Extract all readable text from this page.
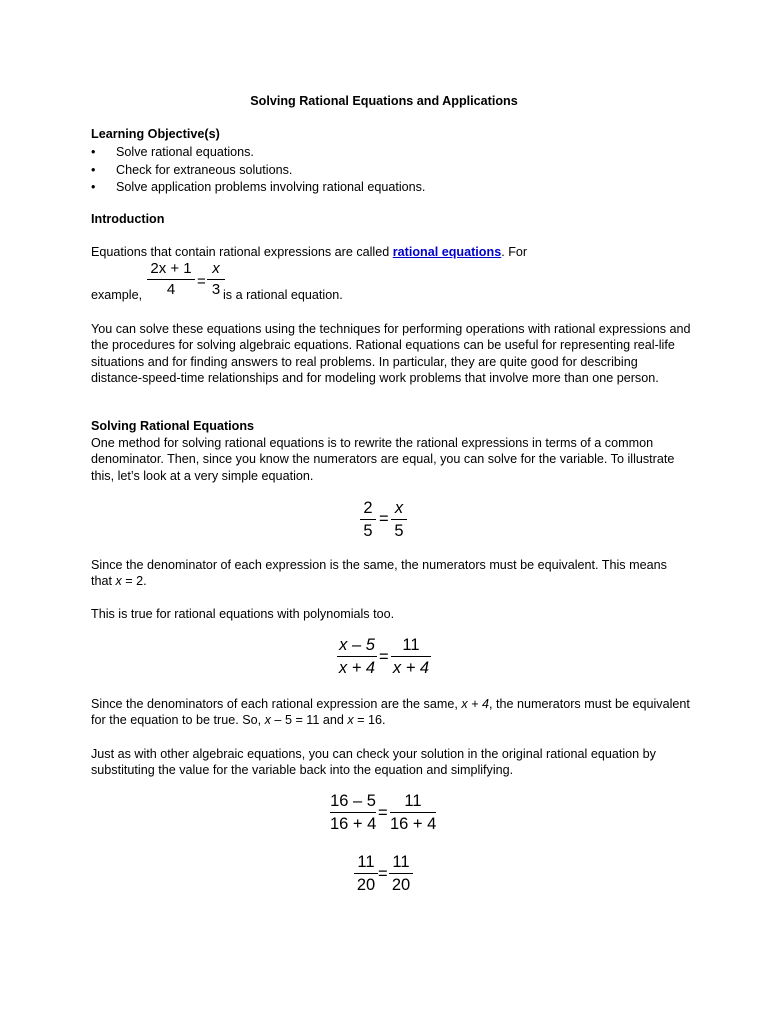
Solving Rational Equations and Applications

Learning Objective(s)

• Solve rational equations.
• Check for extraneous solutions.
• Solve application problems involving rational equations.

Introduction

Equations that contain rational expressions are called rational equations. For

2x + 1
4	=
x
3

example,	is a rational equation.

You can solve these equations using the techniques for performing operations with rational expressions and the procedures for solving algebraic equations. Rational equations can be useful for representing real-life situations and for finding answers to real problems. In particular, they are quite good for describing distance-speed-time relationships and for modeling work problems that involve more than one person.

Solving Rational Equations

One method for solving rational equations is to rewrite the rational expressions in terms of a common denominator. Then, since you know the numerators are equal, you can solve for the variable. To illustrate this, let’s look at a very simple equation.

2
5
=
x
5

Since the denominator of each expression is the same, the numerators must be equivalent. This means that x = 2.

This is true for rational equations with polynomials too.

x – 5
x + 4
=
11
x + 4

Since the denominators of each rational expression are the same, x + 4, the numerators must be equivalent for the equation to be true. So, x – 5 = 11 and x = 16.

Just as with other algebraic equations, you can check your solution in the original rational equation by substituting the value for the variable back into the equation and simplifying.

16 – 5
16 + 4
=
11
16 + 4
11
20
=
11
20
